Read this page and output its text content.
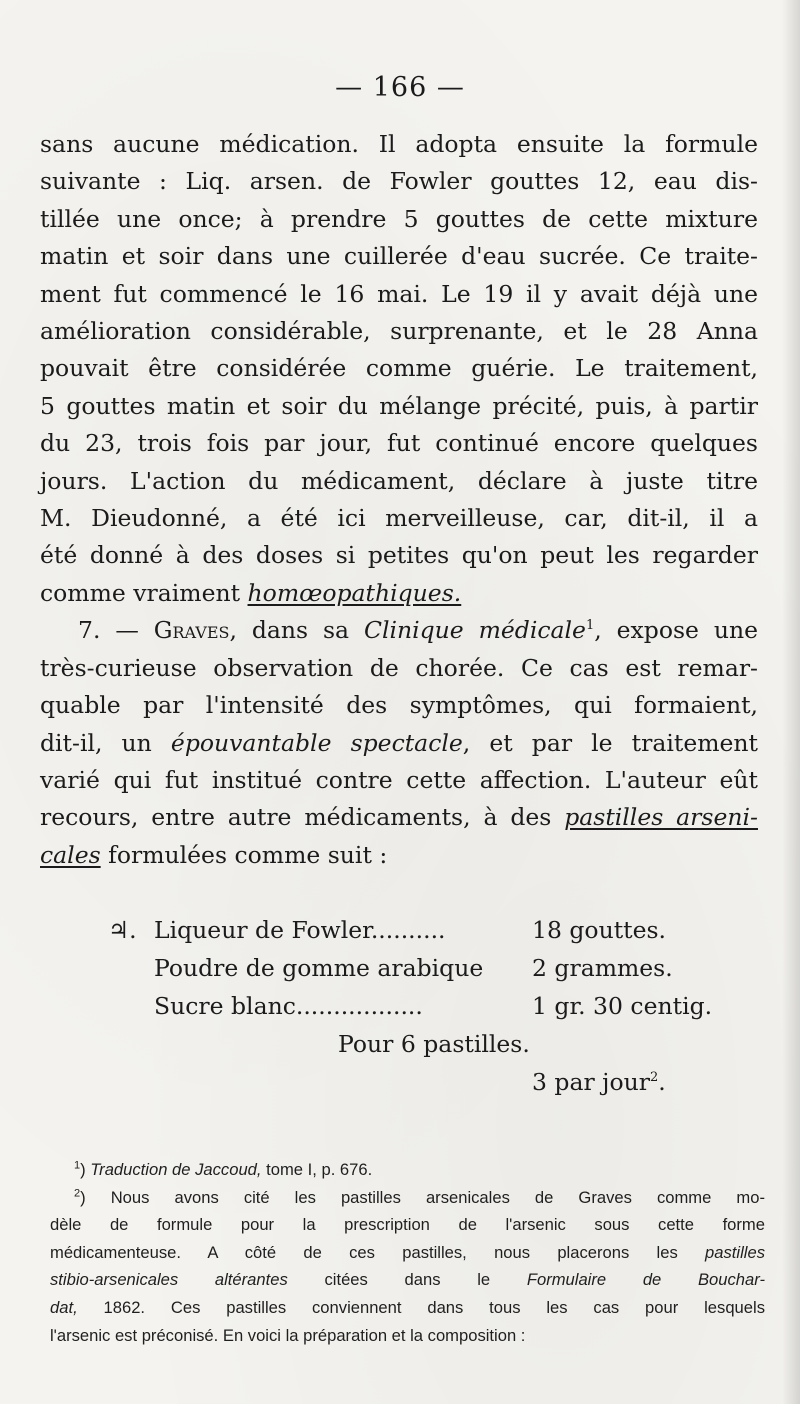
— 166 —
sans aucune médication. Il adopta ensuite la formule
suivante : Liq. arsen. de Fowler gouttes 12, eau dis-
tillée une once; à prendre 5 gouttes de cette mixture
matin et soir dans une cuillerée d'eau sucrée. Ce traite-
ment fut commencé le 16 mai. Le 19 il y avait déjà une
amélioration considérable, surprenante, et le 28 Anna
pouvait être considérée comme guérie. Le traitement,
5 gouttes matin et soir du mélange précité, puis, à partir
du 23, trois fois par jour, fut continué encore quelques
jours. L'action du médicament, déclare à juste titre
M. Dieudonné, a été ici merveilleuse, car, dit-il, il a
été donné à des doses si petites qu'on peut les regarder
comme vraiment homœopathiques.
7. — Graves, dans sa Clinique médicale$^1$, expose une
très-curieuse observation de chorée. Ce cas est remar-
quable par l'intensité des symptômes, qui formaient,
dit-il, un épouvantable spectacle, et par le traitement
varié qui fut institué contre cette affection. L'auteur eût
recours, entre autre médicaments, à des pastilles arseni-
cales formulées comme suit :
♃. Liqueur de Fowler..........	18 gouttes.
Poudre de gomme arabique 2 grammes.
Sucre blanc.................	1 gr. 30 centig.
Pour 6 pastilles.
3 par jour$^2$.
$^1$) Traduction de Jaccoud, tome I, p. 676.
$^2$) Nous avons cité les pastilles arsenicales de Graves comme mo-
dèle de formule pour la prescription de l'arsenic sous cette forme
médicamenteuse. A côté de ces pastilles, nous placerons les pastilles
stibio-arsenicales altérantes citées dans le Formulaire de Bouchar-
dat, 1862. Ces pastilles conviennent dans tous les cas pour lesquels
l'arsenic est préconisé. En voici la préparation et la composition :
